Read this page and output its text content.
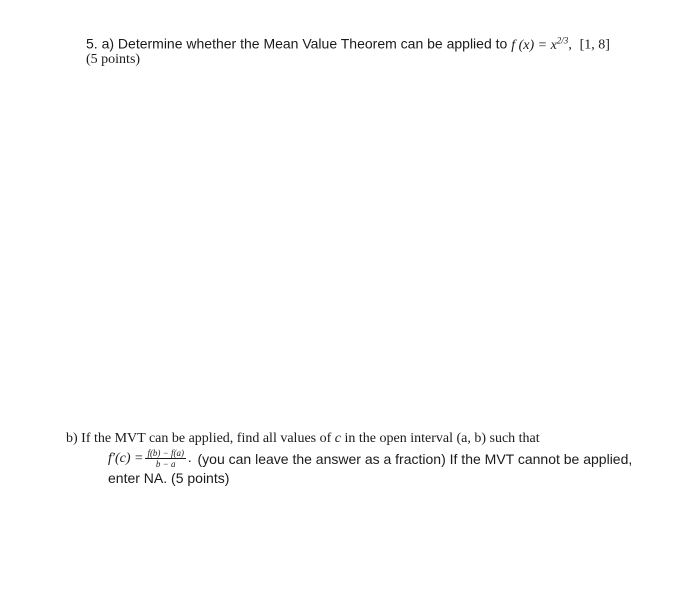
5. a) Determine whether the Mean Value Theorem can be applied to f $(x) = x^{2/3}$, [1, 8]
(5 points)
b) If the MVT can be applied, find all values of c in the open interval (a, b) such that
$f'(c) = \frac{f(b) - f(a)}{b - a}$ . (you can leave the answer as a fraction) If the MVT cannot be applied,
enter NA. (5 points)
